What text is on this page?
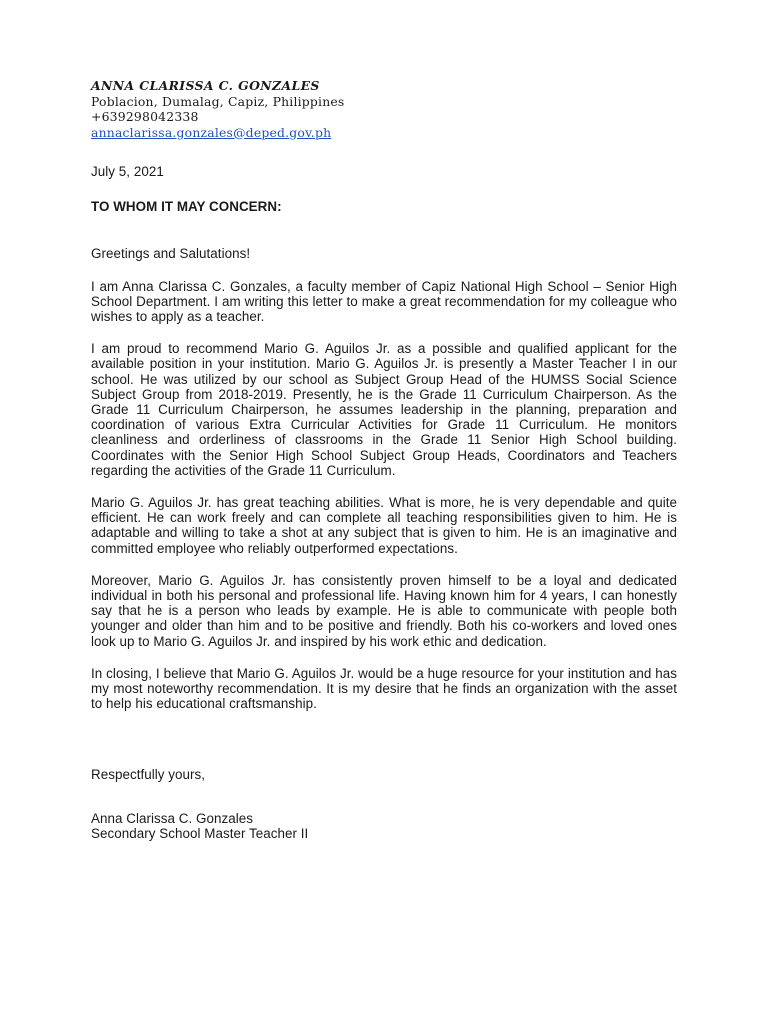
ANNA CLARISSA C. GONZALES
Poblacion, Dumalag, Capiz, Philippines
+639298042338
annaclarissa.gonzales@deped.gov.ph
July 5, 2021
TO WHOM IT MAY CONCERN:
Greetings and Salutations!

I am Anna Clarissa C. Gonzales, a faculty member of Capiz National High School – Senior High School Department. I am writing this letter to make a great recommendation for my colleague who wishes to apply as a teacher.

I am proud to recommend Mario G. Aguilos Jr. as a possible and qualified applicant for the available position in your institution. Mario G. Aguilos Jr. is presently a Master Teacher I in our school. He was utilized by our school as Subject Group Head of the HUMSS Social Science Subject Group from 2018-2019. Presently, he is the Grade 11 Curriculum Chairperson. As the Grade 11 Curriculum Chairperson, he assumes leadership in the planning, preparation and coordination of various Extra Curricular Activities for Grade 11 Curriculum. He monitors cleanliness and orderliness of classrooms in the Grade 11 Senior High School building. Coordinates with the Senior High School Subject Group Heads, Coordinators and Teachers regarding the activities of the Grade 11 Curriculum.

Mario G. Aguilos Jr. has great teaching abilities. What is more, he is very dependable and quite efficient. He can work freely and can complete all teaching responsibilities given to him. He is adaptable and willing to take a shot at any subject that is given to him. He is an imaginative and committed employee who reliably outperformed expectations.

Moreover, Mario G. Aguilos Jr. has consistently proven himself to be a loyal and dedicated individual in both his personal and professional life. Having known him for 4 years, I can honestly say that he is a person who leads by example. He is able to communicate with people both younger and older than him and to be positive and friendly. Both his co-workers and loved ones look up to Mario G. Aguilos Jr. and inspired by his work ethic and dedication.

In closing, I believe that Mario G. Aguilos Jr. would be a huge resource for your institution and has my most noteworthy recommendation. It is my desire that he finds an organization with the asset to help his educational craftsmanship.

Respectfully yours,
Anna Clarissa C. Gonzales
Secondary School Master Teacher II
